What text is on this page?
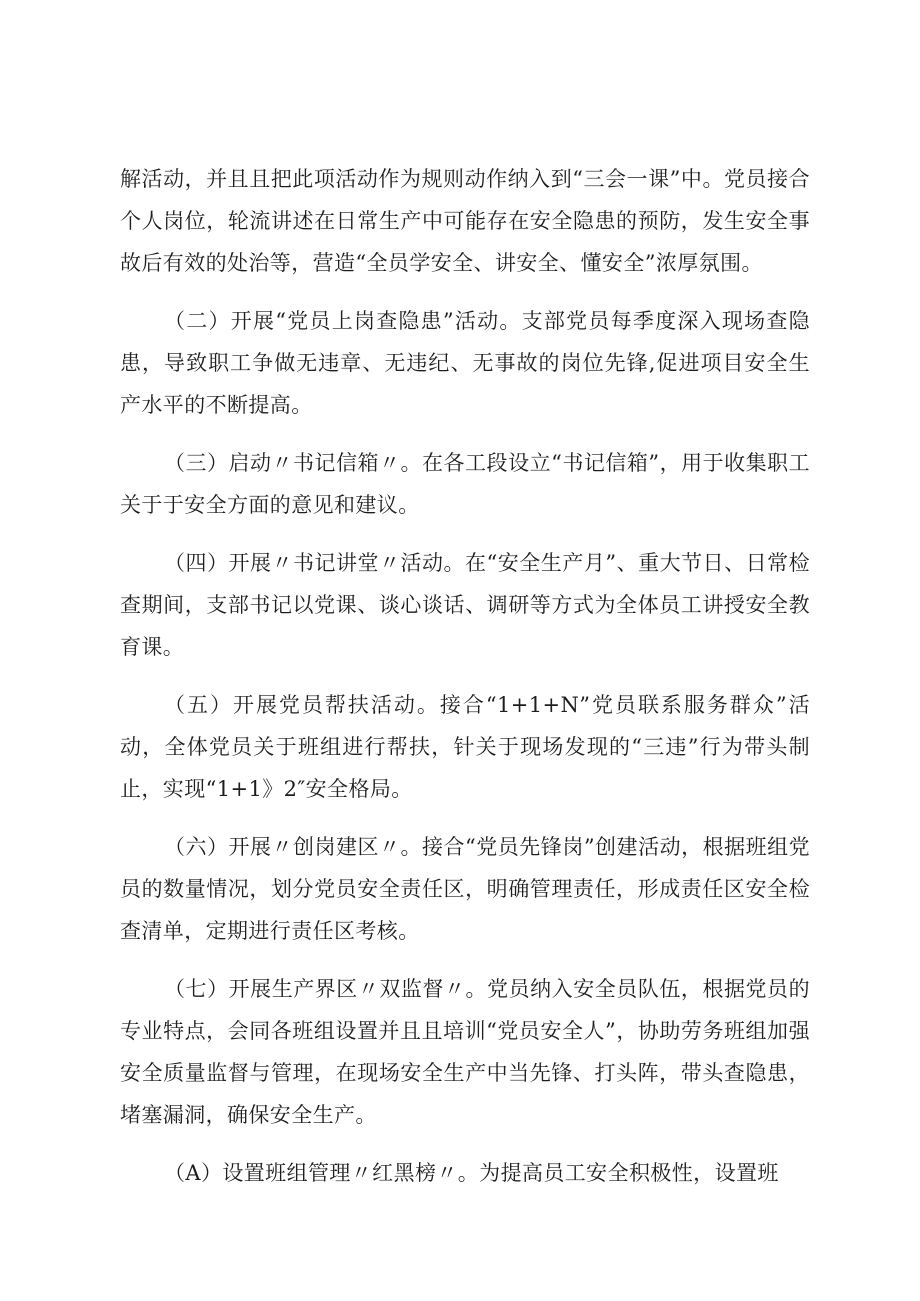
解活动，并且且把此项活动作为规则动作纳入到“三会一课”中。党员接合个人岗位，轮流讲述在日常生产中可能存在安全隐患的预防，发生安全事故后有效的处治等，营造“全员学安全、讲安全、懂安全”浓厚氛围。

（二）开展“党员上岗查隐患”活动。支部党员每季度深入现场查隐患，导致职工争做无违章、无违纪、无事故的岗位先锋,促进项目安全生产水平的不断提高。

（三）启动〃书记信箱〃。在各工段设立“书记信箱”，用于收集职工关于于安全方面的意见和建议。

（四）开展〃书记讲堂〃活动。在“安全生产月”、重大节日、日常检查期间，支部书记以党课、谈心谈话、调研等方式为全体员工讲授安全教育课。

（五）开展党员帮扶活动。接合“1+1+N”党员联系服务群众”活动，全体党员关于班组进行帮扶，针关于现场发现的“三违”行为带头制止，实现“1+1》2″安全格局。

（六）开展〃创岗建区〃。接合“党员先锋岗”创建活动，根据班组党员的数量情况，划分党员安全责任区，明确管理责任，形成责任区安全检查清单，定期进行责任区考核。

（七）开展生产界区〃双监督〃。党员纳入安全员队伍，根据党员的专业特点，会同各班组设置并且且培训“党员安全人”，协助劳务班组加强安全质量监督与管理，在现场安全生产中当先锋、打头阵，带头查隐患，堵塞漏洞，确保安全生产。

（A）设置班组管理〃红黑榜〃。为提高员工安全积极性，设置班
